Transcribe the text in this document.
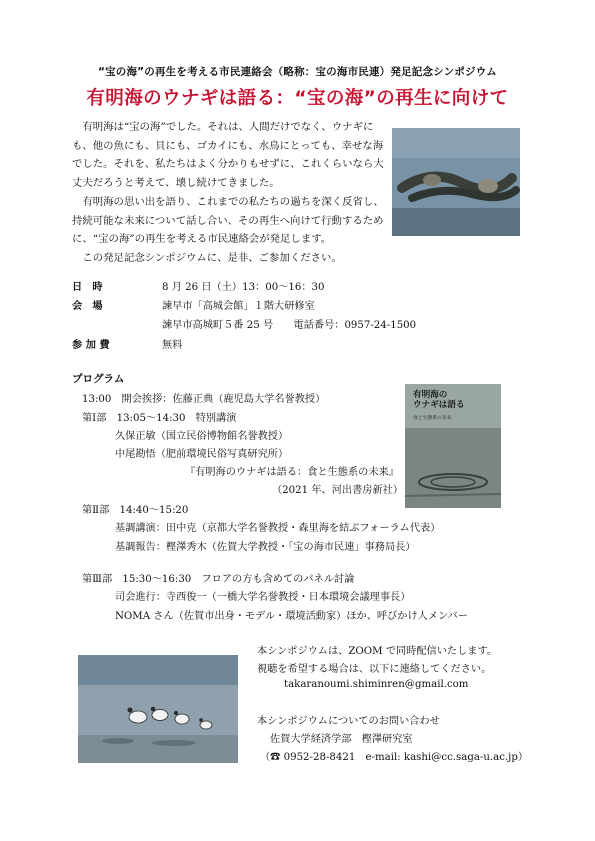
“宝の海”の再生を考える市民連絡会（略称：宝の海市民連）発足記念シンポジウム
有明海のウナギは語る：“宝の海”の再生に向けて

有明海は“宝の海”でした。それは、人間だけでなく、ウナギにも、他の魚にも、貝にも、ゴカイにも、水鳥にとっても、幸せな海でした。それを、私たちはよく分かりもせずに、これくらいなら大丈夫だろうと考えて、壊し続けてきました。

有明海の思い出を語り、これまでの私たちの過ちを深く反省し、持続可能な未来について話し合い、その再生へ向けて行動するために、“宝の海”の再生を考える市民連絡会が発足します。

この発足記念シンポジウムに、是非、ご参加ください。

日　時	8 月 26 日（土）13：00～16：30
会　場	諫早市「高城会館」１階大研修室
諫早市高城町５番 25 号　　電話番号：0957-24-1500
参 加 費	無料
プログラム
13:00　開会挨拶：佐藤正典（鹿児島大学名誉教授）
第Ⅰ部　13:05～14:30　特別講演
久保正敏（国立民俗博物館名誉教授）
中尾勘悟（肥前環境民俗写真研究所）
『有明海のウナギは語る：食と生態系の未来』
（2021 年、河出書房新社）
第Ⅱ部　14:40～15:20
基調講演：田中克（京都大学名誉教授・森里海を結ぶフォーラム代表）
基調報告：樫澤秀木（佐賀大学教授・「宝の海市民連」事務局長）
第Ⅲ部　15:30～16:30　フロアの方も含めてのパネル討論
司会進行：寺西俊一（一橋大学名誉教授・日本環境会議理事長）
NOMA さん（佐賀市出身・モデル・環境活動家）ほか、呼びかけ人メンバー
有明海の
ウナギは語る
食と生態系の未来
本シンポジウムは、ZOOM で同時配信いたします。
視聴を希望する場合は、以下に連絡してください。
takaranoumi.shiminren@gmail.com
本シンポジウムについてのお問い合わせ
佐賀大学経済学部　樫澤研究室
（☎ 0952-28-8421　e-mail: kashi@cc.saga-u.ac.jp）
